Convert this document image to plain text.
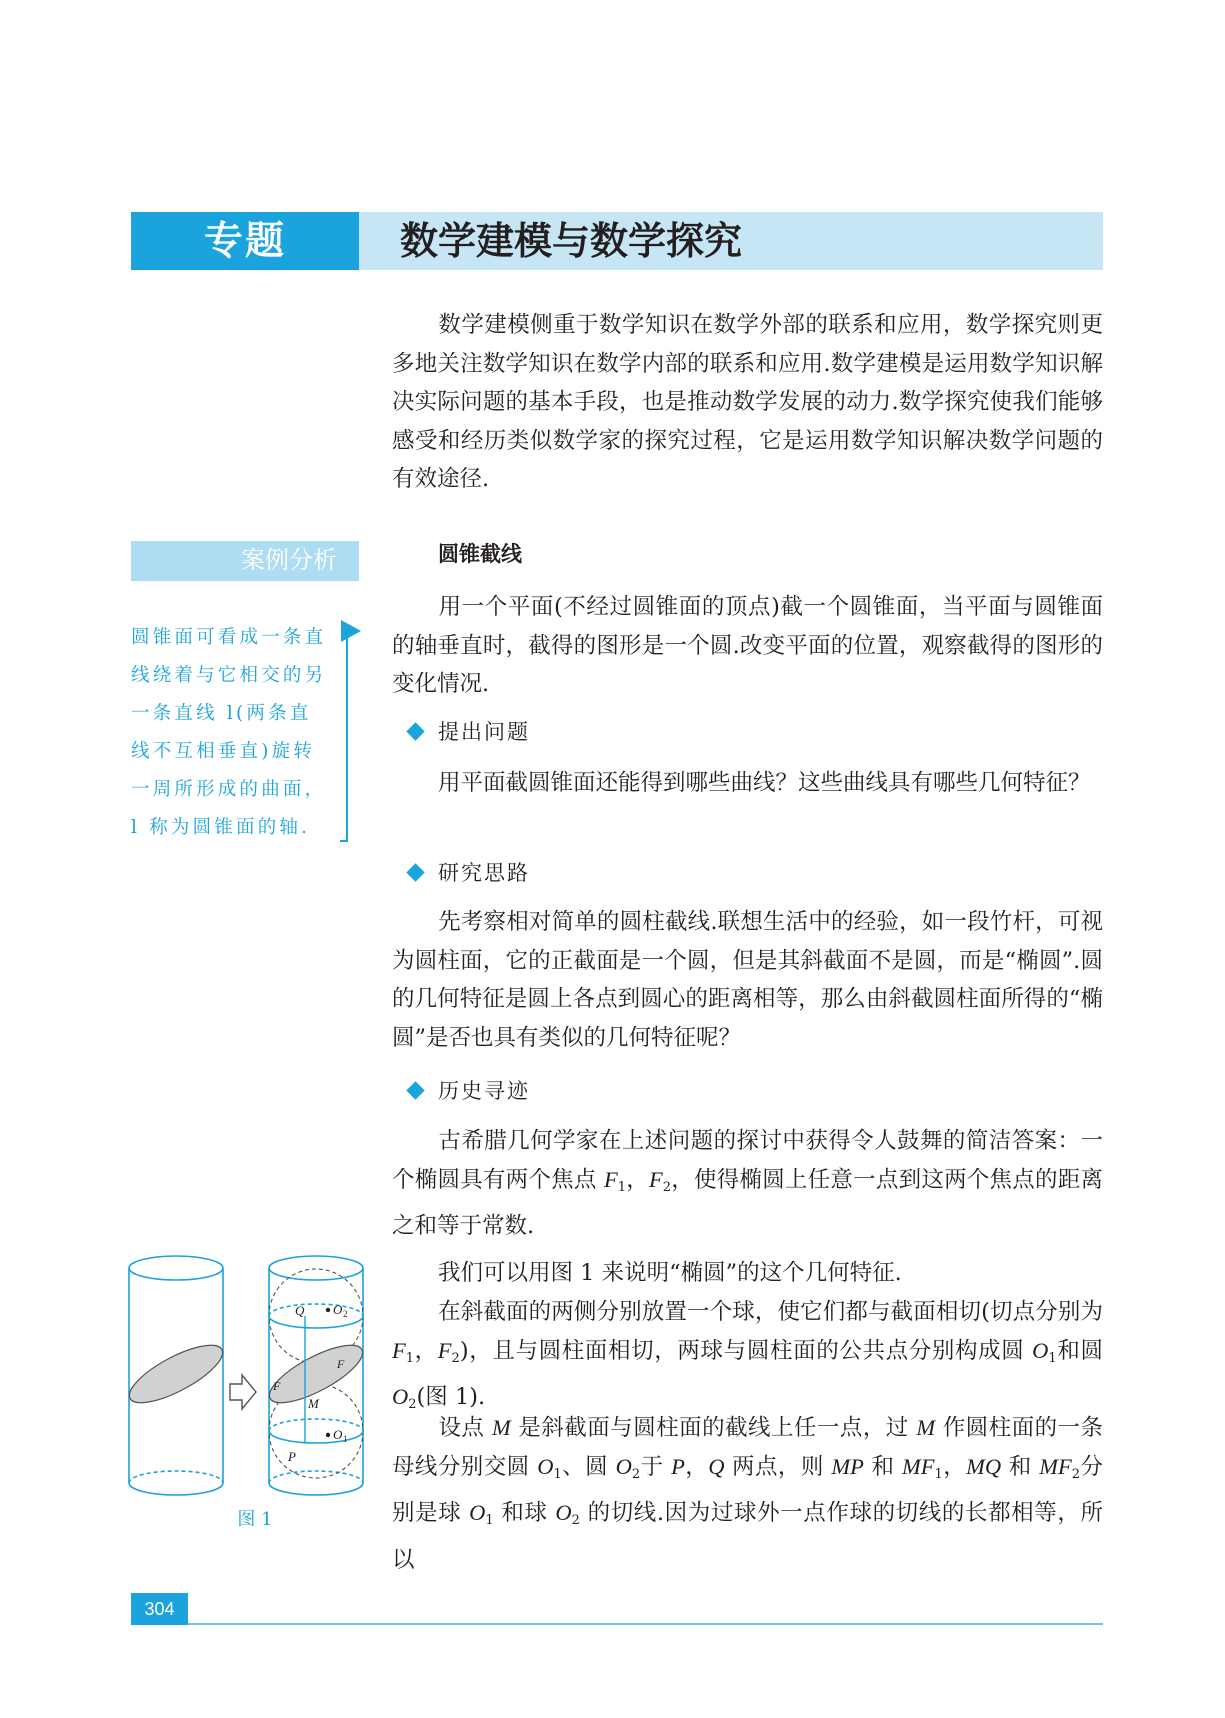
专题	数学建模与数学探究

数学建模侧重于数学知识在数学外部的联系和应用，数学探究则更多地关注数学知识在数学内部的联系和应用.数学建模是运用数学知识解决实际问题的基本手段，也是推动数学发展的动力.数学探究使我们能够感受和经历类似数学家的探究过程，它是运用数学知识解决数学问题的有效途径.

案例分析	圆锥截线

圆锥面可看成一条直线绕着与它相交的另一条直线 l(两条直线不互相垂直)旋转一周所形成的曲面，l 称为圆锥面的轴.

用一个平面(不经过圆锥面的顶点)截一个圆锥面，当平面与圆锥面的轴垂直时，截得的图形是一个圆.改变平面的位置，观察截得的图形的变化情况.

提出问题

用平面截圆锥面还能得到哪些曲线？这些曲线具有哪些几何特征？

研究思路

先考察相对简单的圆柱截线.联想生活中的经验，如一段竹杆，可视为圆柱面，它的正截面是一个圆，但是其斜截面不是圆，而是“椭圆”.圆的几何特征是圆上各点到圆心的距离相等，那么由斜截圆柱面所得的“椭圆”是否也具有类似的几何特征呢？

历史寻迹

古希腊几何学家在上述问题的探讨中获得令人鼓舞的简洁答案：一个椭圆具有两个焦点 $F_1$，$F_2$，使得椭圆上任意一点到这两个焦点的距离之和等于常数.

我们可以用图 1 来说明“椭圆”的这个几何特征.

在斜截面的两侧分别放置一个球，使它们都与截面相切(切点分别为 $F_1$，$F_2$)，且与圆柱面相切，两球与圆柱面的公共点分别构成圆 $O_1$和圆 $O_2$(图 1).

设点 M 是斜截面与圆柱面的截线上任一点，过 M 作圆柱面的一条母线分别交圆 $O_1$、圆 $O_2$于 P，Q 两点，则 MP 和 $MF_1$，MQ 和 $MF_2$分别是球 $O_1$ 和球 $O_2$ 的切线.因为过球外一点作球的切线的长都相等，所以

Q O 2
F
F
M
O 1
P
图 1
304
